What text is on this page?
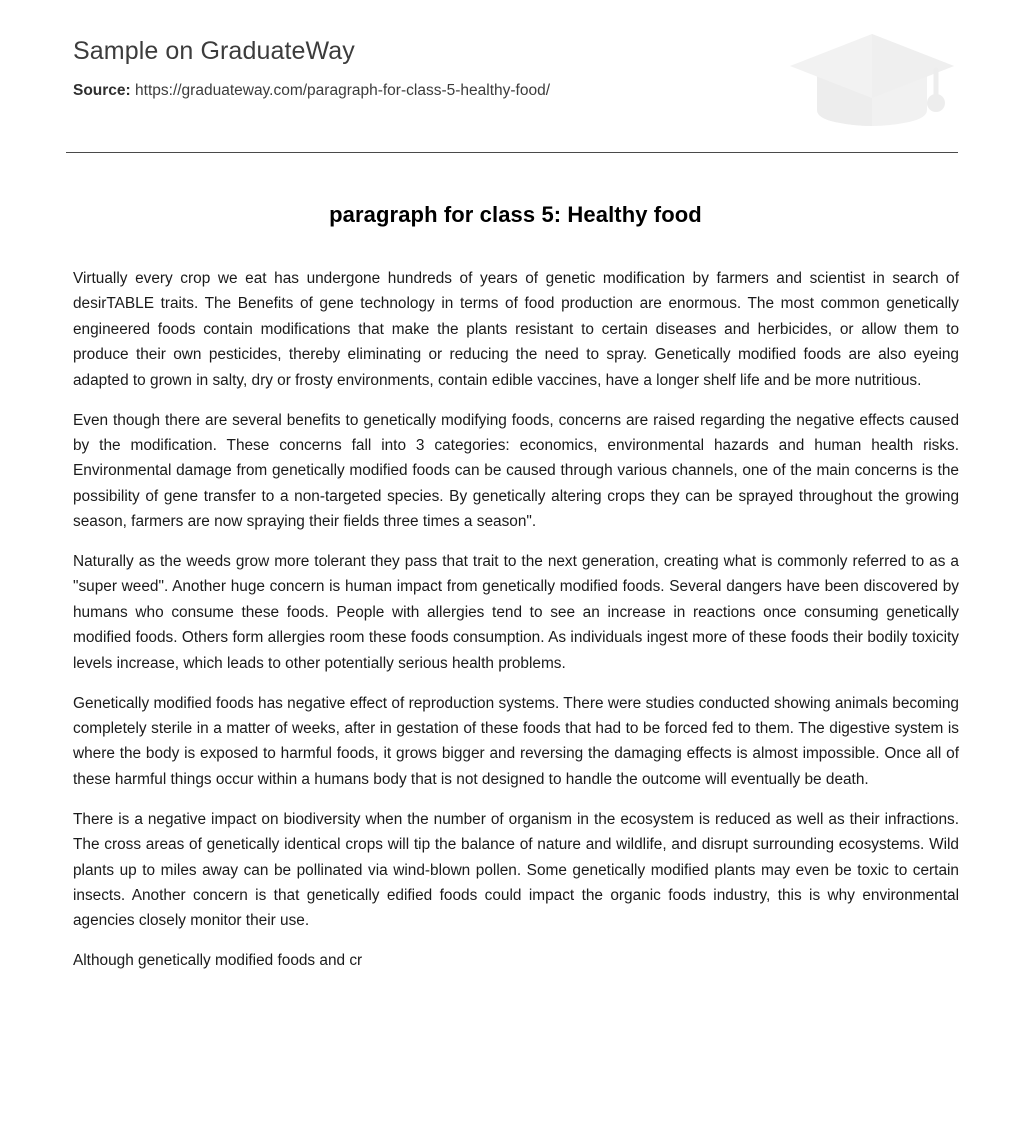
Sample on GraduateWay
Source: https://graduateway.com/paragraph-for-class-5-healthy-food/
paragraph for class 5: Healthy food

Virtually every crop we eat has undergone hundreds of years of genetic modification by farmers and scientist in search of desirTABLE traits. The Benefits of gene technology in terms of food production are enormous. The most common genetically engineered foods contain modifications that make the plants resistant to certain diseases and herbicides, or allow them to produce their own pesticides, thereby eliminating or reducing the need to spray. Genetically modified foods are also eyeing adapted to grown in salty, dry or frosty environments, contain edible vaccines, have a longer shelf life and be more nutritious.

Even though there are several benefits to genetically modifying foods, concerns are raised regarding the negative effects caused by the modification. These concerns fall into 3 categories: economics, environmental hazards and human health risks. Environmental damage from genetically modified foods can be caused through various channels, one of the main concerns is the possibility of gene transfer to a non-targeted species. By genetically altering crops they can be sprayed throughout the growing season, farmers are now spraying their fields three times a season".

Naturally as the weeds grow more tolerant they pass that trait to the next generation, creating what is commonly referred to as a "super weed". Another huge concern is human impact from genetically modified foods. Several dangers have been discovered by humans who consume these foods. People with allergies tend to see an increase in reactions once consuming genetically modified foods. Others form allergies room these foods consumption. As individuals ingest more of these foods their bodily toxicity levels increase, which leads to other potentially serious health problems.

Genetically modified foods has negative effect of reproduction systems. There were studies conducted showing animals becoming completely sterile in a matter of weeks, after in gestation of these foods that had to be forced fed to them. The digestive system is where the body is exposed to harmful foods, it grows bigger and reversing the damaging effects is almost impossible. Once all of these harmful things occur within a humans body that is not designed to handle the outcome will eventually be death.

There is a negative impact on biodiversity when the number of organism in the ecosystem is reduced as well as their infractions. The cross areas of genetically identical crops will tip the balance of nature and wildlife, and disrupt surrounding ecosystems. Wild plants up to miles away can be pollinated via wind-blown pollen. Some genetically modified plants may even be toxic to certain insects. Another concern is that genetically edified foods could impact the organic foods industry, this is why environmental agencies closely monitor their use.

Although genetically modified foods and cr
